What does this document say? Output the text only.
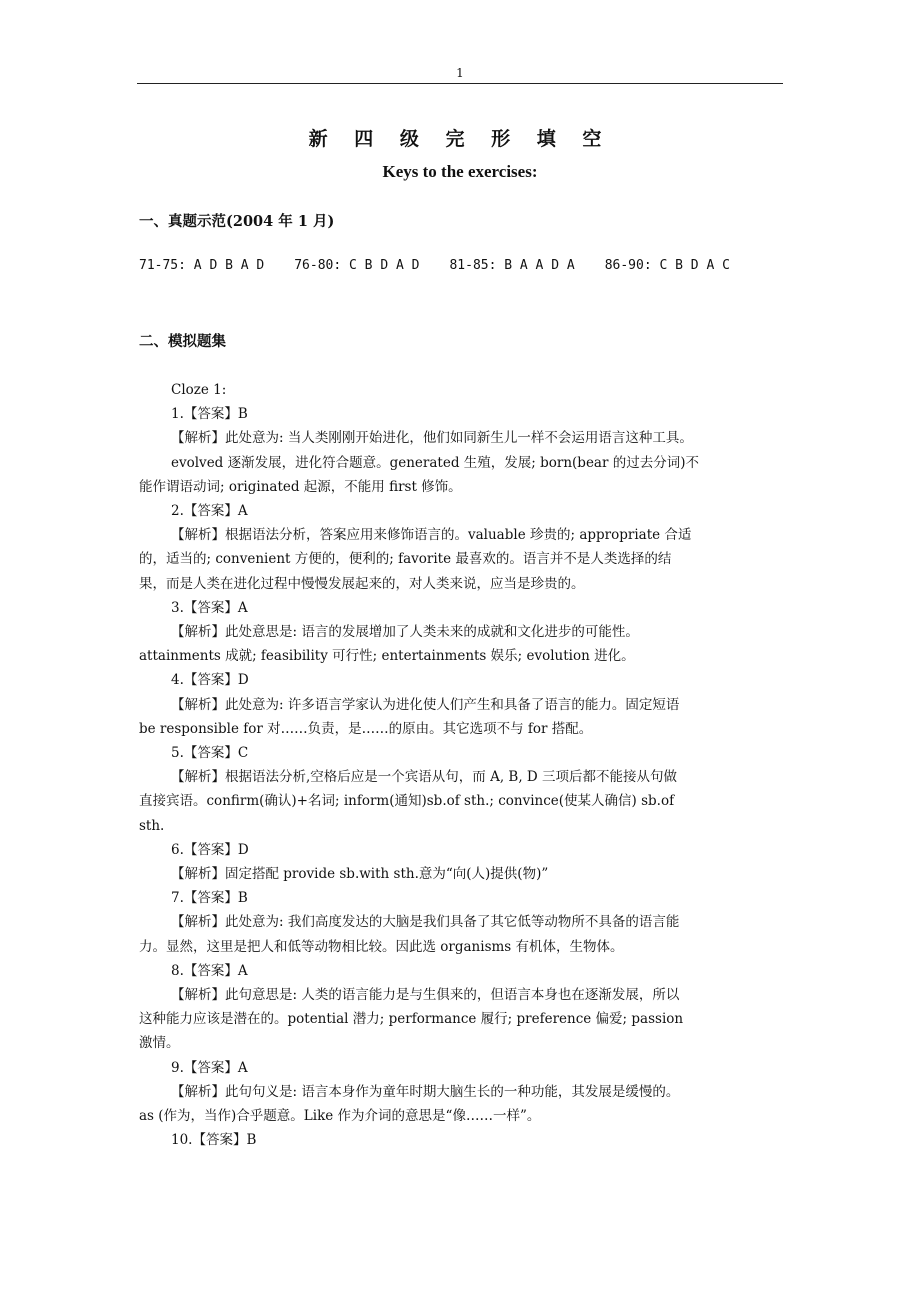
1
新 四 级 完 形 填 空
Keys to the exercises:
一、真题示范(2004 年 1 月)
71-75: A D B A D 76-80: C B D A D 81-85: B A A D A 86-90: C B D A C
二、模拟题集

Cloze 1:

1.【答案】B

【解析】此处意为: 当人类刚刚开始进化，他们如同新生儿一样不会运用语言这种工具。

evolved 逐渐发展，进化符合题意。generated 生殖，发展; born(bear 的过去分词)不

能作谓语动词; originated 起源，不能用 first 修饰。

2.【答案】A

【解析】根据语法分析，答案应用来修饰语言的。valuable 珍贵的; appropriate 合适

的，适当的; convenient 方便的，便利的; favorite 最喜欢的。语言并不是人类选择的结

果，而是人类在进化过程中慢慢发展起来的，对人类来说，应当是珍贵的。

3.【答案】A

【解析】此处意思是: 语言的发展增加了人类未来的成就和文化进步的可能性。

attainments 成就; feasibility 可行性; entertainments 娱乐; evolution 进化。

4.【答案】D

【解析】此处意为: 许多语言学家认为进化使人们产生和具备了语言的能力。固定短语

be responsible for 对……负责，是……的原由。其它选项不与 for 搭配。

5.【答案】C

【解析】根据语法分析,空格后应是一个宾语从句，而 A, B, D 三项后都不能接从句做

直接宾语。confirm(确认)+名词; inform(通知)sb.of sth.; convince(使某人确信) sb.of

sth.

6.【答案】D

【解析】固定搭配 provide sb.with sth.意为“向(人)提供(物)”

7.【答案】B

【解析】此处意为: 我们高度发达的大脑是我们具备了其它低等动物所不具备的语言能

力。显然，这里是把人和低等动物相比较。因此选 organisms 有机体，生物体。

8.【答案】A

【解析】此句意思是: 人类的语言能力是与生俱来的，但语言本身也在逐渐发展，所以

这种能力应该是潜在的。potential 潜力; performance 履行; preference 偏爱; passion

激情。

9.【答案】A

【解析】此句句义是: 语言本身作为童年时期大脑生长的一种功能，其发展是缓慢的。

as (作为，当作)合乎题意。Like 作为介词的意思是“像……一样”。

10.【答案】B
